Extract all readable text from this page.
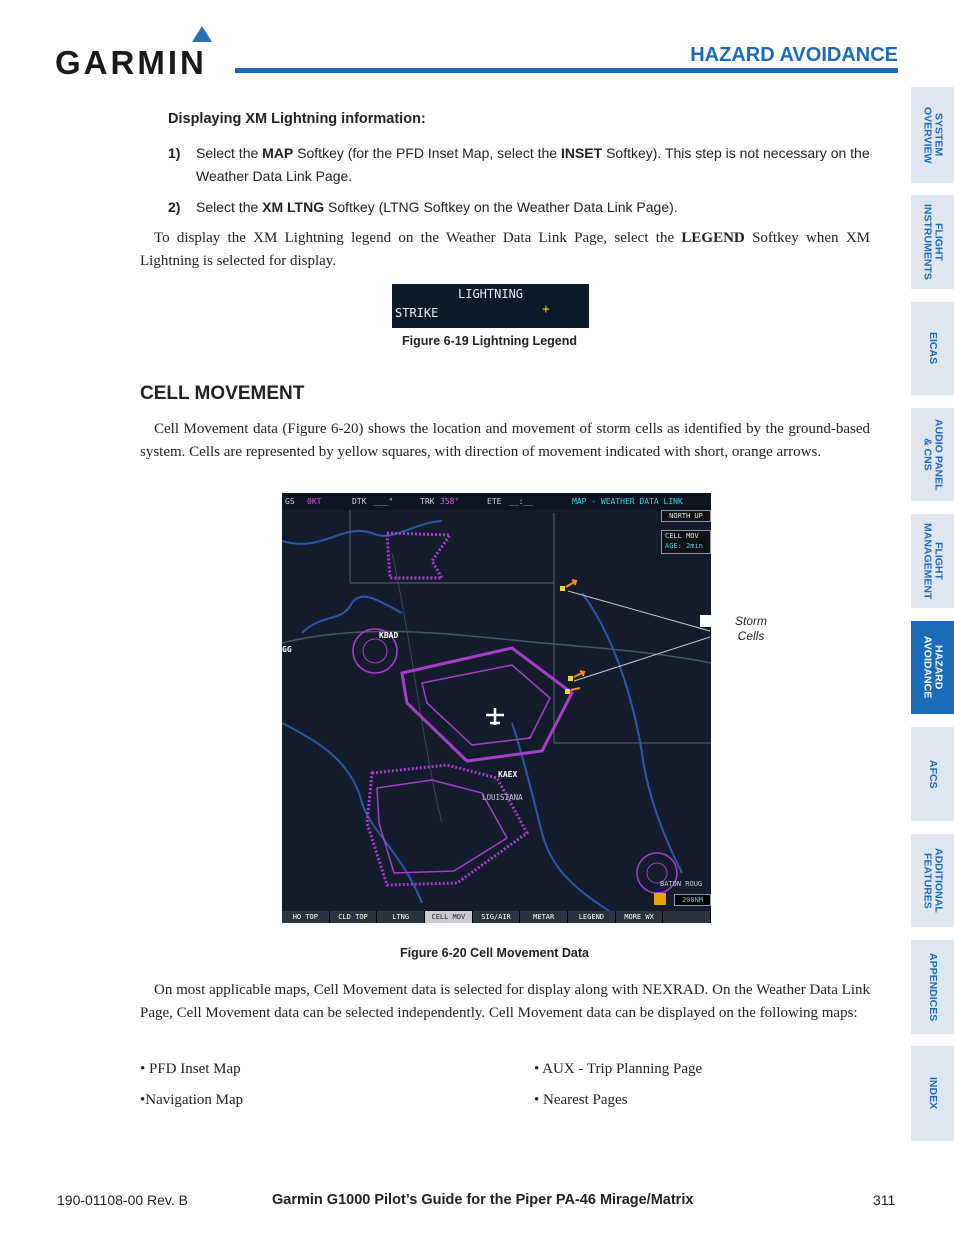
GARMIN	HAZARD AVOIDANCE
SYSTEM
OVERVIEW
FLIGHT
INSTRUMENTS
EICAS
AUDIO PANEL
& CNS
FLIGHT
MANAGEMENT
HAZARD
AVOIDANCE
AFCS
ADDITIONAL
FEATURES
APPENDICES
INDEX
Displaying XM Lightning information:
1) Select the MAP Softkey (for the PFD Inset Map, select the INSET Softkey). This step is not necessary on the Weather Data Link Page.
2) Select the XM LTNG Softkey (LTNG Softkey on the Weather Data Link Page).
To display the XM Lightning legend on the Weather Data Link Page, select the LEGEND Softkey when XM Lightning is selected for display.
LIGHTNING
STRIKE	+
Figure 6-19 Lightning Legend
CELL MOVEMENT
Cell Movement data (Figure 6-20) shows the location and movement of storm cells as identified by the ground-based system. Cells are represented by yellow squares, with direction of movement indicated with short, orange arrows.
GS 0KT	DTK ___°	TRK 358°	ETE __:__	MAP - WEATHER DATA LINK
NORTH UP
CELL MOV
AGE: 2min
KBAD
GG
KAEX
LOUISIANA
BATON ROUG
200NM
HO TOP	CLD TOP	LTNG	CELL MOV	SIG/AIR	METAR	LEGEND	MORE WX
Storm
Cells
Figure 6-20 Cell Movement Data
On most applicable maps, Cell Movement data is selected for display along with NEXRAD. On the Weather Data Link Page, Cell Movement data can be selected independently. Cell Movement data can be displayed on the following maps:
• PFD Inset Map
•Navigation Map
• AUX - Trip Planning Page
• Nearest Pages
190-01108-00 Rev. B	Garmin G1000 Pilot’s Guide for the Piper PA-46 Mirage/Matrix	311
